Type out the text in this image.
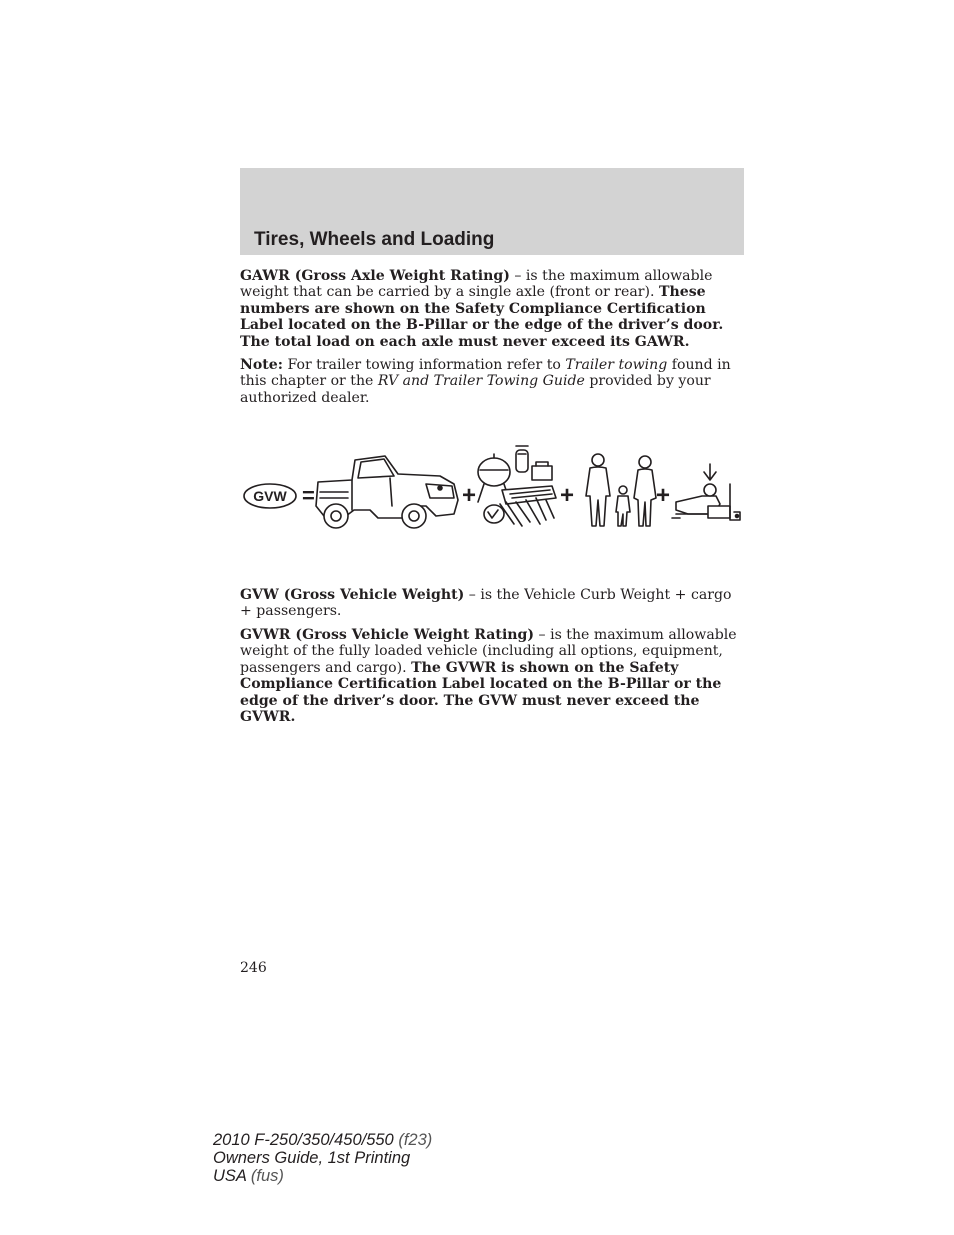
Tires, Wheels and Loading

GAWR (Gross Axle Weight Rating) – is the maximum allowable weight that can be carried by a single axle (front or rear). These numbers are shown on the Safety Compliance Certification Label located on the B-Pillar or the edge of the driver’s door. The total load on each axle must never exceed its GAWR.

Note: For trailer towing information refer to Trailer towing found in this chapter or the RV and Trailer Towing Guide provided by your authorized dealer.

GVW =	+	+	+

GVW (Gross Vehicle Weight) – is the Vehicle Curb Weight + cargo + passengers.

GVWR (Gross Vehicle Weight Rating) – is the maximum allowable weight of the fully loaded vehicle (including all options, equipment, passengers and cargo). The GVWR is shown on the Safety Compliance Certification Label located on the B-Pillar or the edge of the driver’s door. The GVW must never exceed the GVWR.

246
2010 F-250/350/450/550 (f23)
Owners Guide, 1st Printing
USA (fus)
